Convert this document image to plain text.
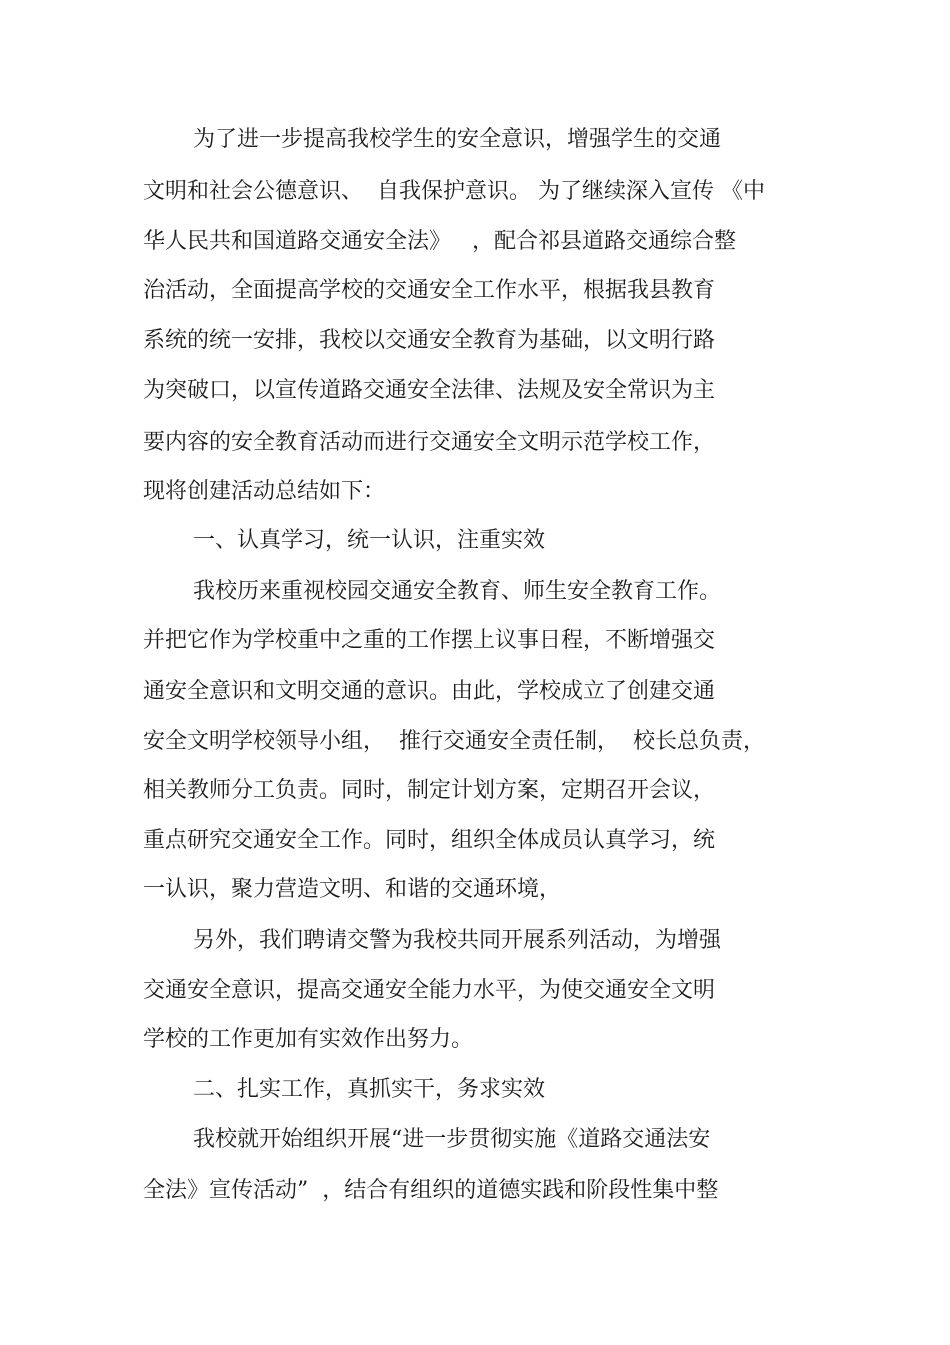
为了进一步提高我校学生的安全意识，增强学生的交通
文明和社会公德意识、  自我保护意识。 为了继续深入宣传 《中
华人民共和国道路交通安全法》   ，配合祁县道路交通综合整
治活动，全面提高学校的交通安全工作水平，根据我县教育
系统的统一安排，我校以交通安全教育为基础，以文明行路
为突破口，以宣传道路交通安全法律、法规及安全常识为主
要内容的安全教育活动而进行交通安全文明示范学校工作，
现将创建活动总结如下：
一、认真学习，统一认识，注重实效
我校历来重视校园交通安全教育、师生安全教育工作。
并把它作为学校重中之重的工作摆上议事日程，不断增强交
通安全意识和文明交通的意识。由此，学校成立了创建交通
安全文明学校领导小组，  推行交通安全责任制，  校长总负责，
相关教师分工负责。同时，制定计划方案，定期召开会议，
重点研究交通安全工作。同时，组织全体成员认真学习，统
一认识，聚力营造文明、和谐的交通环境，
另外，我们聘请交警为我校共同开展系列活动，为增强
交通安全意识，提高交通安全能力水平，为使交通安全文明
学校的工作更加有实效作出努力。
二、扎实工作，真抓实干，务求实效
我校就开始组织开展“进一步贯彻实施《道路交通法安
全法》宣传活动”  ，结合有组织的道德实践和阶段性集中整
